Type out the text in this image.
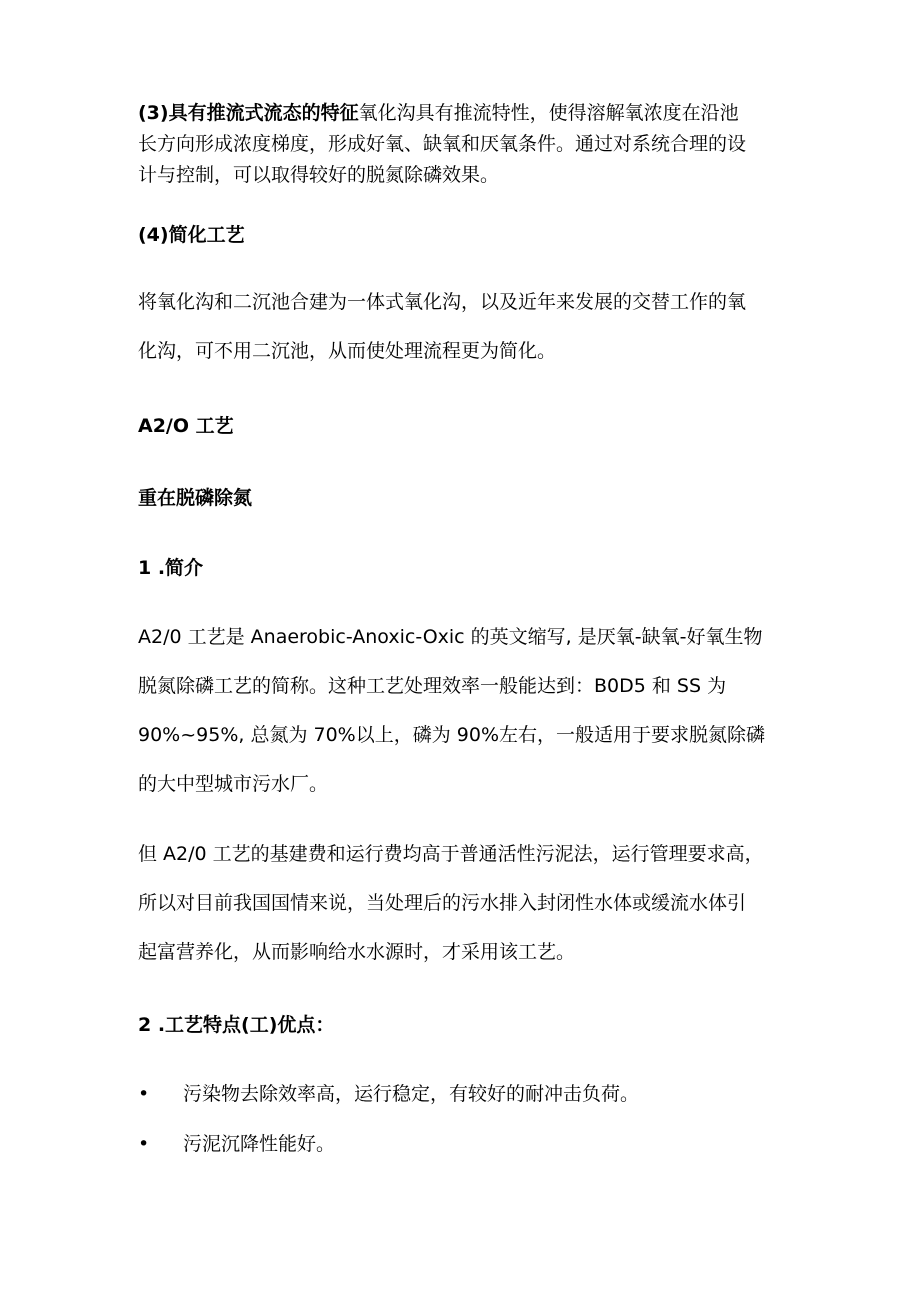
(3)具有推流式流态的特征氧化沟具有推流特性，使得溶解氧浓度在沿池
长方向形成浓度梯度，形成好氧、缺氧和厌氧条件。通过对系统合理的设
计与控制，可以取得较好的脱氮除磷效果。

(4)简化工艺

将氧化沟和二沉池合建为一体式氧化沟，以及近年来发展的交替工作的氧
化沟，可不用二沉池，从而使处理流程更为简化。

A2/O 工艺
重在脱磷除氮
1 .简介

A2/0 工艺是 Anaerobic-Anoxic-Oxic 的英文缩写, 是厌氧-缺氧-好氧生物
脱氮除磷工艺的简称。这种工艺处理效率一般能达到：B0D5 和 SS 为
90%~95%, 总氮为 70%以上，磷为 90%左右，一般适用于要求脱氮除磷
的大中型城市污水厂。

但 A2/0 工艺的基建费和运行费均高于普通活性污泥法，运行管理要求高，
所以对目前我国国情来说，当处理后的污水排入封闭性水体或缓流水体引
起富营养化，从而影响给水水源时，才采用该工艺。

2 .工艺特点(工)优点：
•	污染物去除效率高，运行稳定，有较好的耐冲击负荷。
•	污泥沉降性能好。
